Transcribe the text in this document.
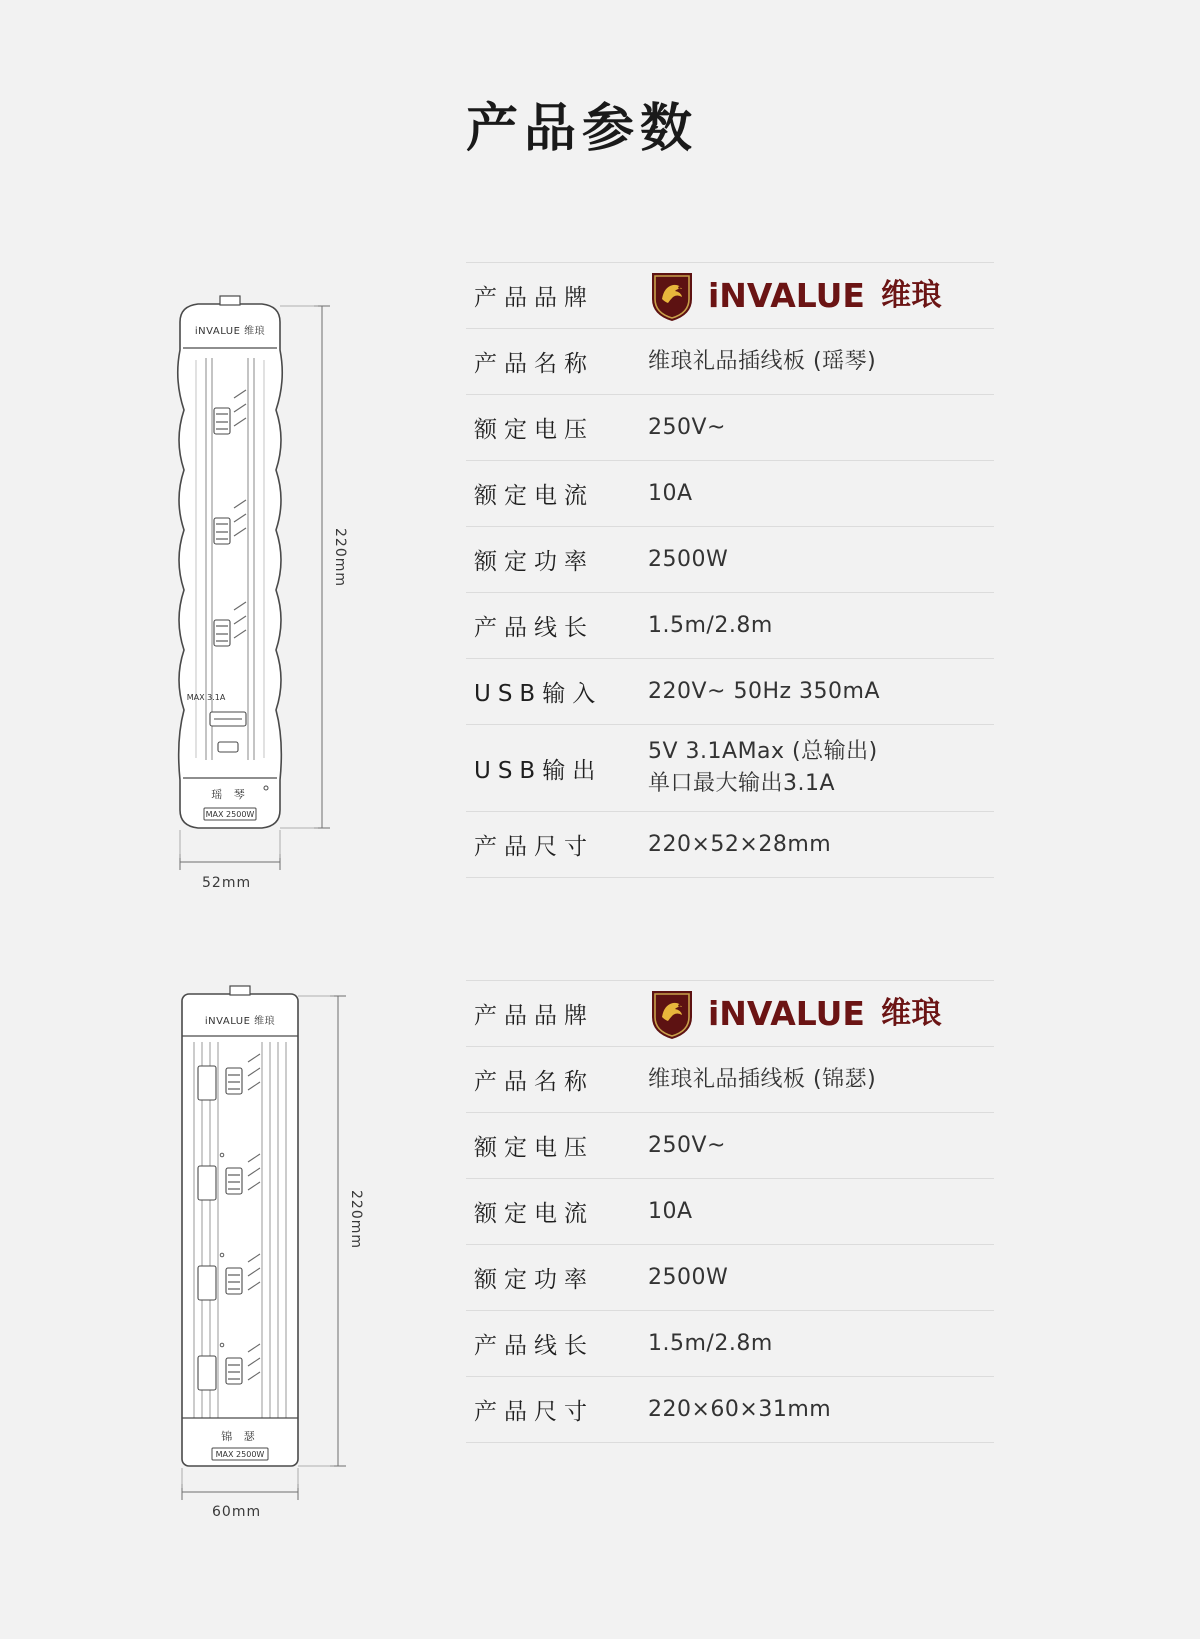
产品参数
iNVALUE 维琅
MAX 3.1A
瑶 琴
MAX 2500W
220mm
52mm
iNVALUE 维琅
锦 瑟
MAX 2500W
220mm
60mm
产品品牌	iNVALUE 维琅
产品名称	维琅礼品插线板 (瑶琴)
额定电压	250V~
额定电流	10A
额定功率	2500W
产品线长	1.5m/2.8m
USB输入	220V~ 50Hz 350mA
USB输出
5V 3.1AMax (总输出)
单口最大输出3.1A
产品尺寸	220×52×28mm
产品品牌	iNVALUE 维琅
产品名称	维琅礼品插线板 (锦瑟)
额定电压	250V~
额定电流	10A
额定功率	2500W
产品线长	1.5m/2.8m
产品尺寸	220×60×31mm
